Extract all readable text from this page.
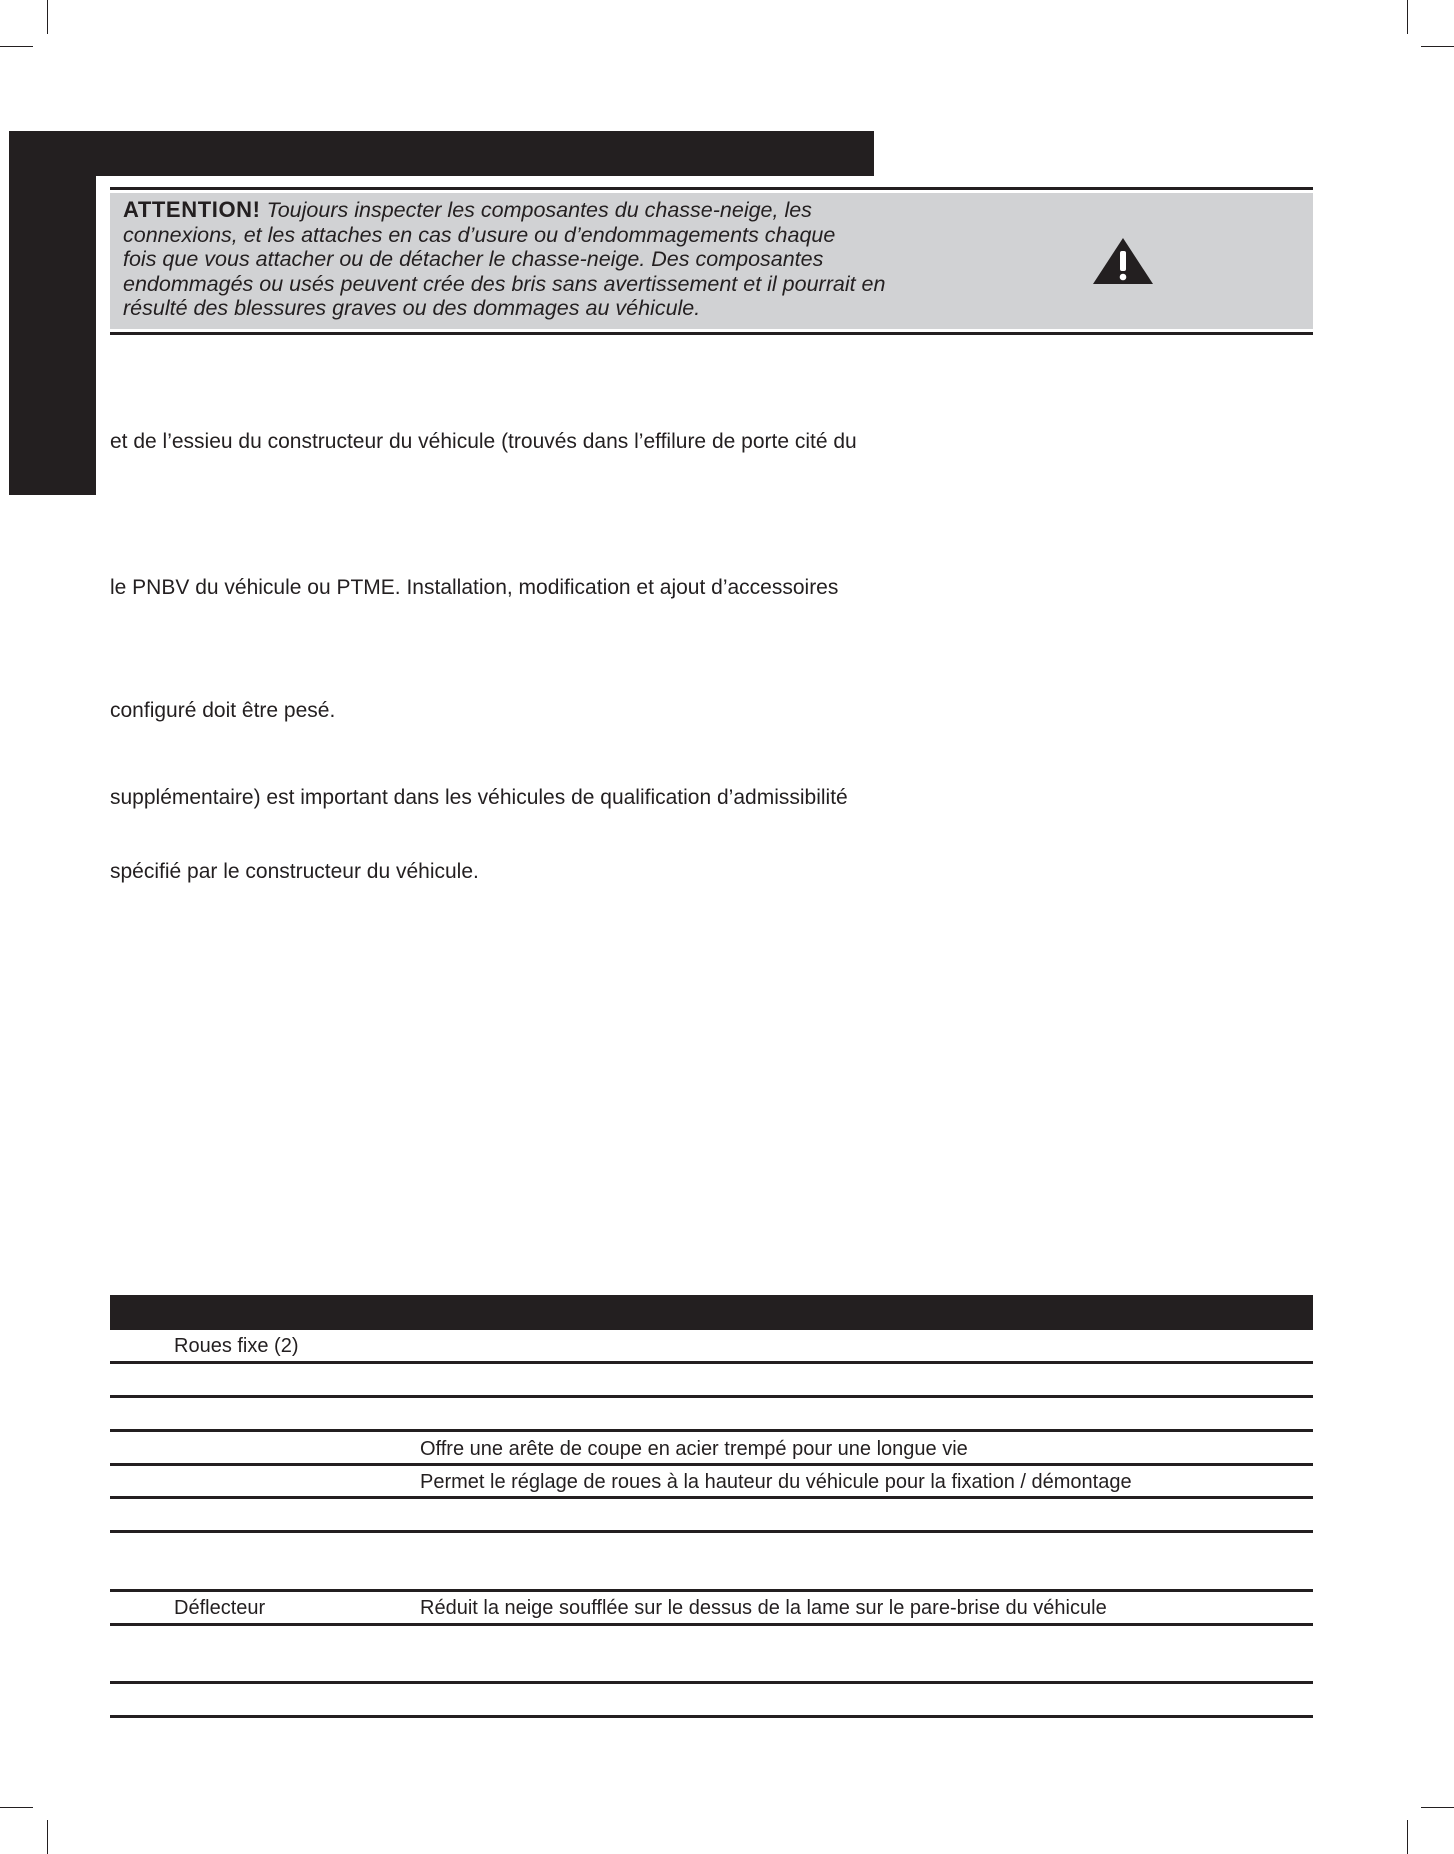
ATTENTION! Toujours inspecter les composantes du chasse-neige, les
connexions, et les attaches en cas d’usure ou d’endommagements chaque
fois que vous attacher ou de détacher le chasse-neige. Des composantes
endommagés ou usés peuvent crée des bris sans avertissement et il pourrait en
résulté des blessures graves ou des dommages au véhicule.
et de l’essieu du constructeur du véhicule (trouvés dans l’effilure de porte cité du
le PNBV du véhicule ou PTME. Installation, modification et ajout d’accessoires
configuré doit être pesé.
supplémentaire) est important dans les véhicules de qualification d’admissibilité
spécifié par le constructeur du véhicule.
Roues fixe (2)
Offre une arête de coupe en acier trempé pour une longue vie
Permet le réglage de roues à la hauteur du véhicule pour la fixation / démontage
Déflecteur	Réduit la neige soufflée sur le dessus de la lame sur le pare-brise du véhicule
